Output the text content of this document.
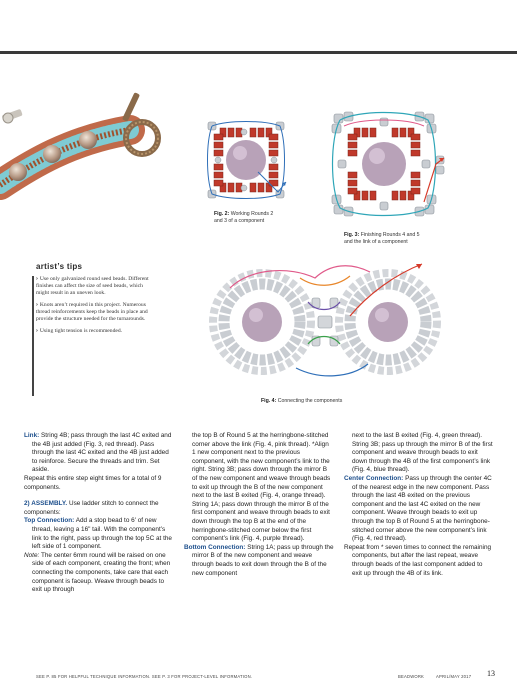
Fig. 2: Working Rounds 2
and 3 of a component
Fig. 3: Finishing Rounds 4 and 5
and the link of a component
Fig. 4: Connecting the components
artist’s tips

› Use only galvanized round seed beads. Different finishes can affect the size of seed beads, which might result in an uneven look.

› Knots aren’t required in this project. Numerous thread reinforcements keep the beads in place and provide the structure needed for the turnarounds.

› Using tight tension is recommended.

Link: String 4B; pass through the last 4C exited and the 4B just added (Fig. 3, red thread). Pass through the last 4C exited and the 4B just added to reinforce. Secure the threads and trim. Set aside.

Repeat this entire step eight times for a total of 9 components.

2) ASSEMBLY. Use ladder stitch to connect the components:

Top Connection: Add a stop bead to 6' of new thread, leaving a 16" tail. With the component’s link to the right, pass up through the top 5C at the left side of 1 component.

Note: The center 6mm round will be raised on one side of each component, creating the front; when connecting the components, take care that each component is faceup. Weave through beads to exit up through

the top B of Round 5 at the herringbone-stitched corner above the link (Fig. 4, pink thread). *Align 1 new component next to the previous component, with the new component’s link to the right. String 3B; pass down through the mirror B of the new component and weave through beads to exit up through the B of the new component next to the last B exited (Fig. 4, orange thread). String 1A; pass down through the mirror B of the first component and weave through beads to exit down through the top B at the end of the herringbone-stitched corner below the first component’s link (Fig. 4, purple thread).

Bottom Connection: String 1A; pass up through the mirror B of the new component and weave through beads to exit down through the B of the new component

next to the last B exited (Fig. 4, green thread). String 3B; pass up through the mirror B of the first component and weave through beads to exit down through the 4B of the first component’s link (Fig. 4, blue thread).

Center Connection: Pass up through the center 4C of the nearest edge in the new component. Pass through the last 4B exited on the previous component and the last 4C exited on the new component. Weave through beads to exit up through the top B of Round 5 at the herringbone-stitched corner above the new component’s link (Fig. 4, red thread).

Repeat from * seven times to connect the remaining components, but after the last repeat, weave through beads of the last component added to exit up through the 4B of its link.

SEE P. 85 FOR HELPFUL TECHNIQUE INFORMATION. SEE P. 3 FOR PROJECT-LEVEL INFORMATION.	BEADWORK	APRIL/MAY 2017 13
